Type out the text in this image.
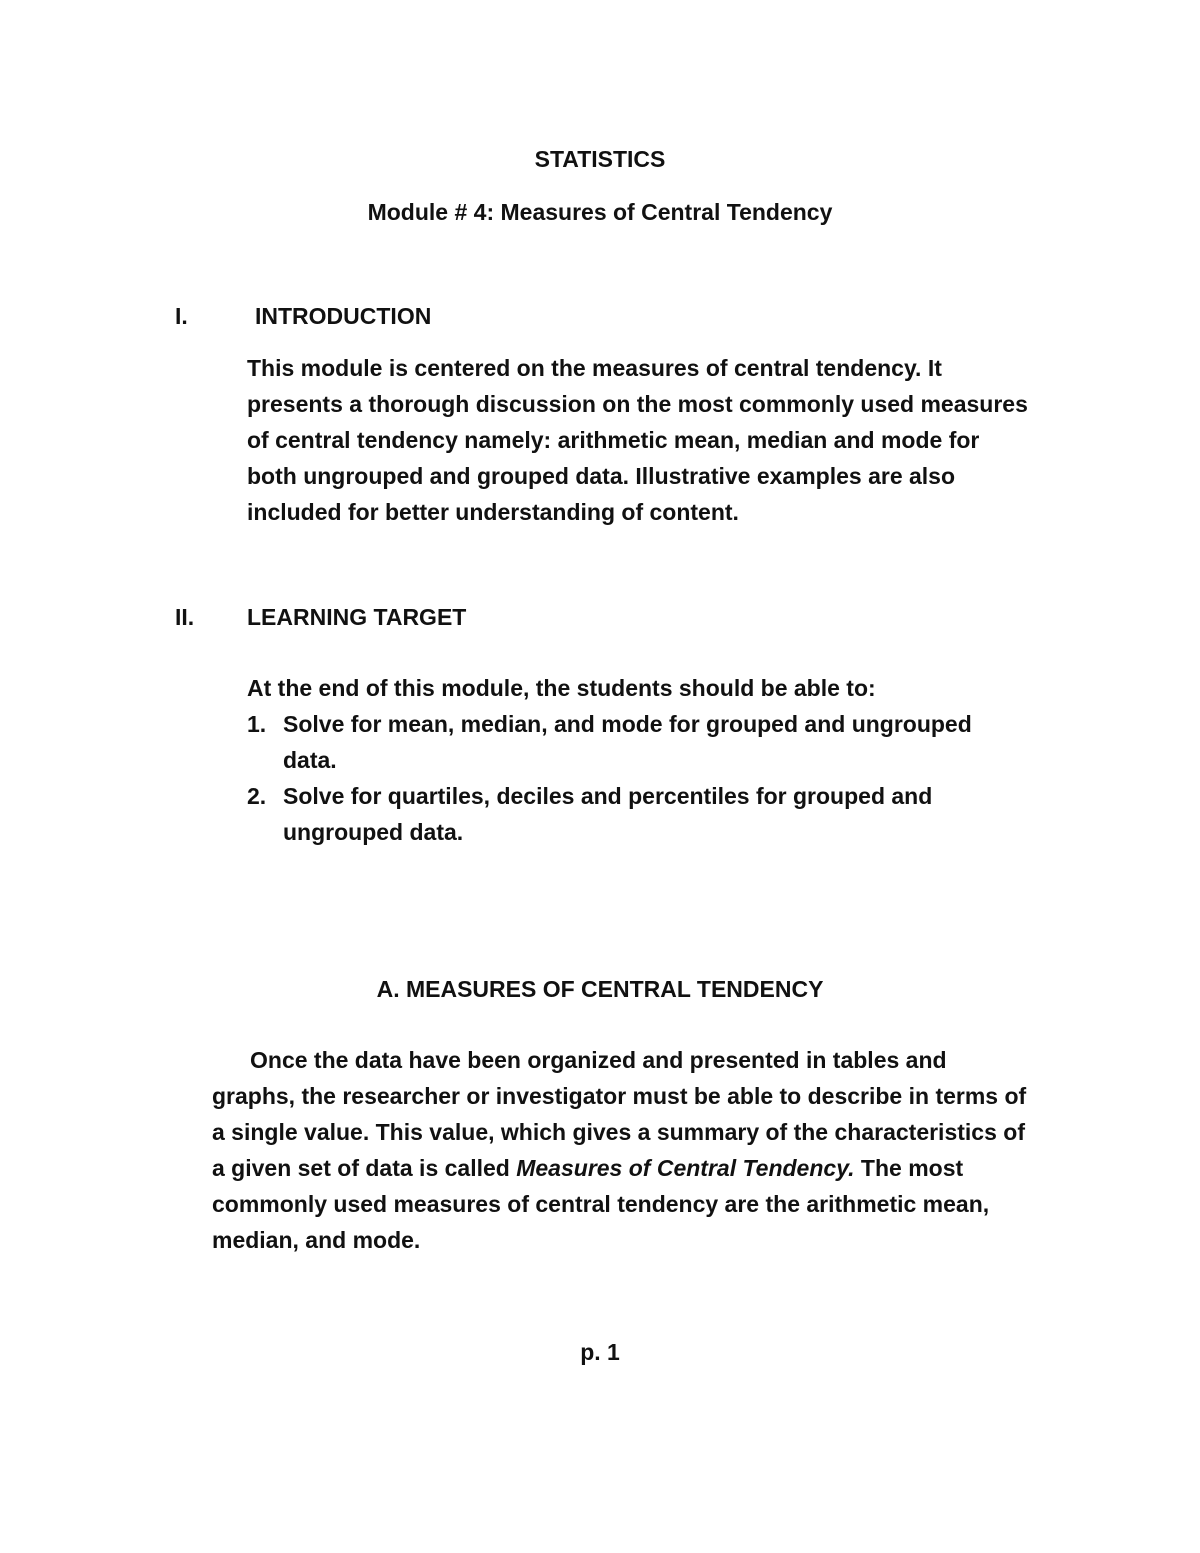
STATISTICS
Module # 4: Measures of Central Tendency
I.	INTRODUCTION
This module is centered on the measures of central tendency. It
presents a thorough discussion on the most commonly used measures
of central tendency namely: arithmetic mean, median and mode for
both ungrouped and grouped data. Illustrative examples are also
included for better understanding of content.
II. LEARNING TARGET
At the end of this module, the students should be able to:
1. Solve for mean, median, and mode for grouped and ungrouped
data.
2. Solve for quartiles, deciles and percentiles for grouped and
ungrouped data.
A. MEASURES OF CENTRAL TENDENCY
Once the data have been organized and presented in tables and
graphs, the researcher or investigator must be able to describe in terms of
a single value. This value, which gives a summary of the characteristics of
a given set of data is called Measures of Central Tendency. The most
commonly used measures of central tendency are the arithmetic mean,
median, and mode.
p. 1
